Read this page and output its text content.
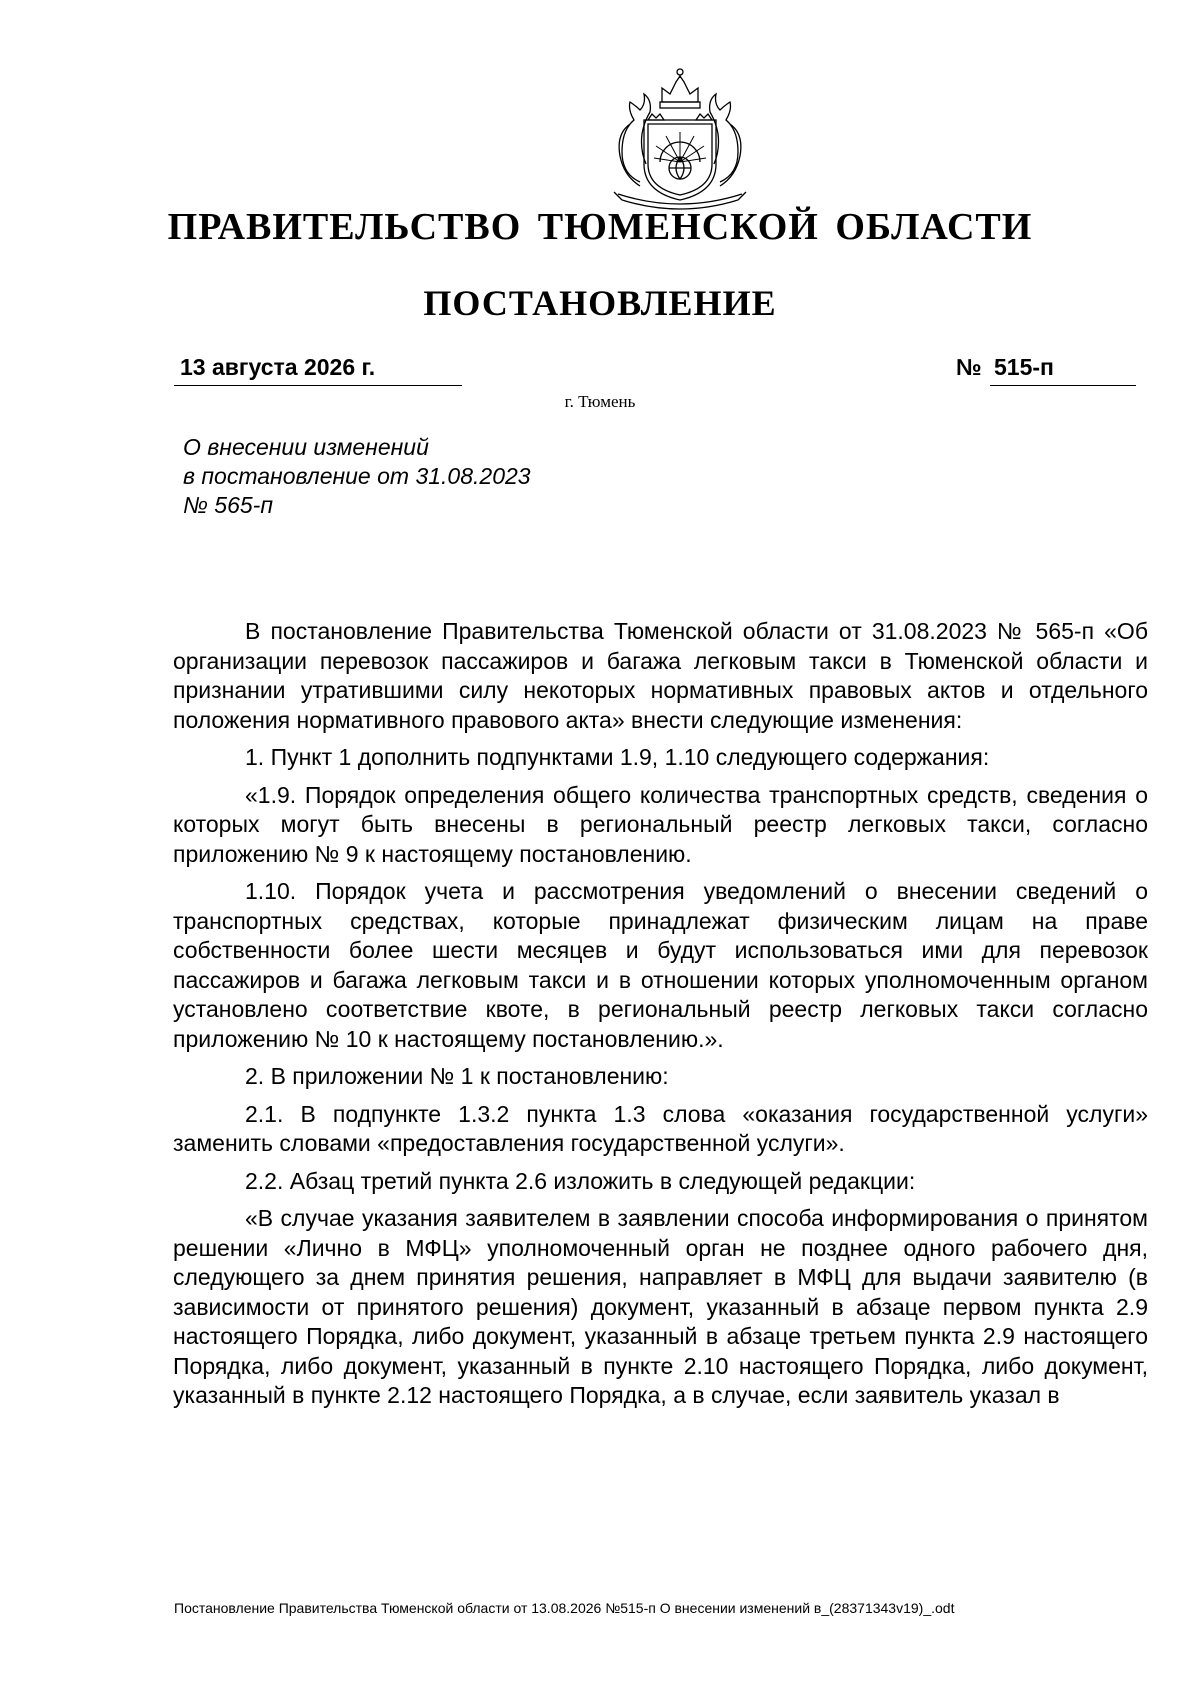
ПРАВИТЕЛЬСТВО ТЮМЕНСКОЙ ОБЛАСТИ
ПОСТАНОВЛЕНИЕ
13 августа 2026 г.	№ 515-п
г. Тюмень
О внесении изменений
в постановление от 31.08.2023
№ 565-п

В постановление Правительства Тюменской области от 31.08.2023 № 565-п «Об организации перевозок пассажиров и багажа легковым такси в Тюменской области и признании утратившими силу некоторых нормативных правовых актов и отдельного положения нормативного правового акта» внести следующие изменения:

1. Пункт 1 дополнить подпунктами 1.9, 1.10 следующего содержания:

«1.9. Порядок определения общего количества транспортных средств, сведения о которых могут быть внесены в региональный реестр легковых такси, согласно приложению № 9 к настоящему постановлению.

1.10. Порядок учета и рассмотрения уведомлений о внесении сведений о транспортных средствах, которые принадлежат физическим лицам на праве собственности более шести месяцев и будут использоваться ими для перевозок пассажиров и багажа легковым такси и в отношении которых уполномоченным органом установлено соответствие квоте, в региональный реестр легковых такси согласно приложению № 10 к настоящему постановлению.».

2. В приложении № 1 к постановлению:

2.1. В подпункте 1.3.2 пункта 1.3 слова «оказания государственной услуги» заменить словами «предоставления государственной услуги».

2.2. Абзац третий пункта 2.6 изложить в следующей редакции:

«В случае указания заявителем в заявлении способа информирования о принятом решении «Лично в МФЦ» уполномоченный орган не позднее одного рабочего дня, следующего за днем принятия решения, направляет в МФЦ для выдачи заявителю (в зависимости от принятого решения) документ, указанный в абзаце первом пункта 2.9 настоящего Порядка, либо документ, указанный в абзаце третьем пункта 2.9 настоящего Порядка, либо документ, указанный в пункте 2.10 настоящего Порядка, либо документ, указанный в пункте 2.12 настоящего Порядка, а в случае, если заявитель указал в

Постановление Правительства Тюменской области от 13.08.2026 №515-п О внесении изменений в_(28371343v19)_.odt
